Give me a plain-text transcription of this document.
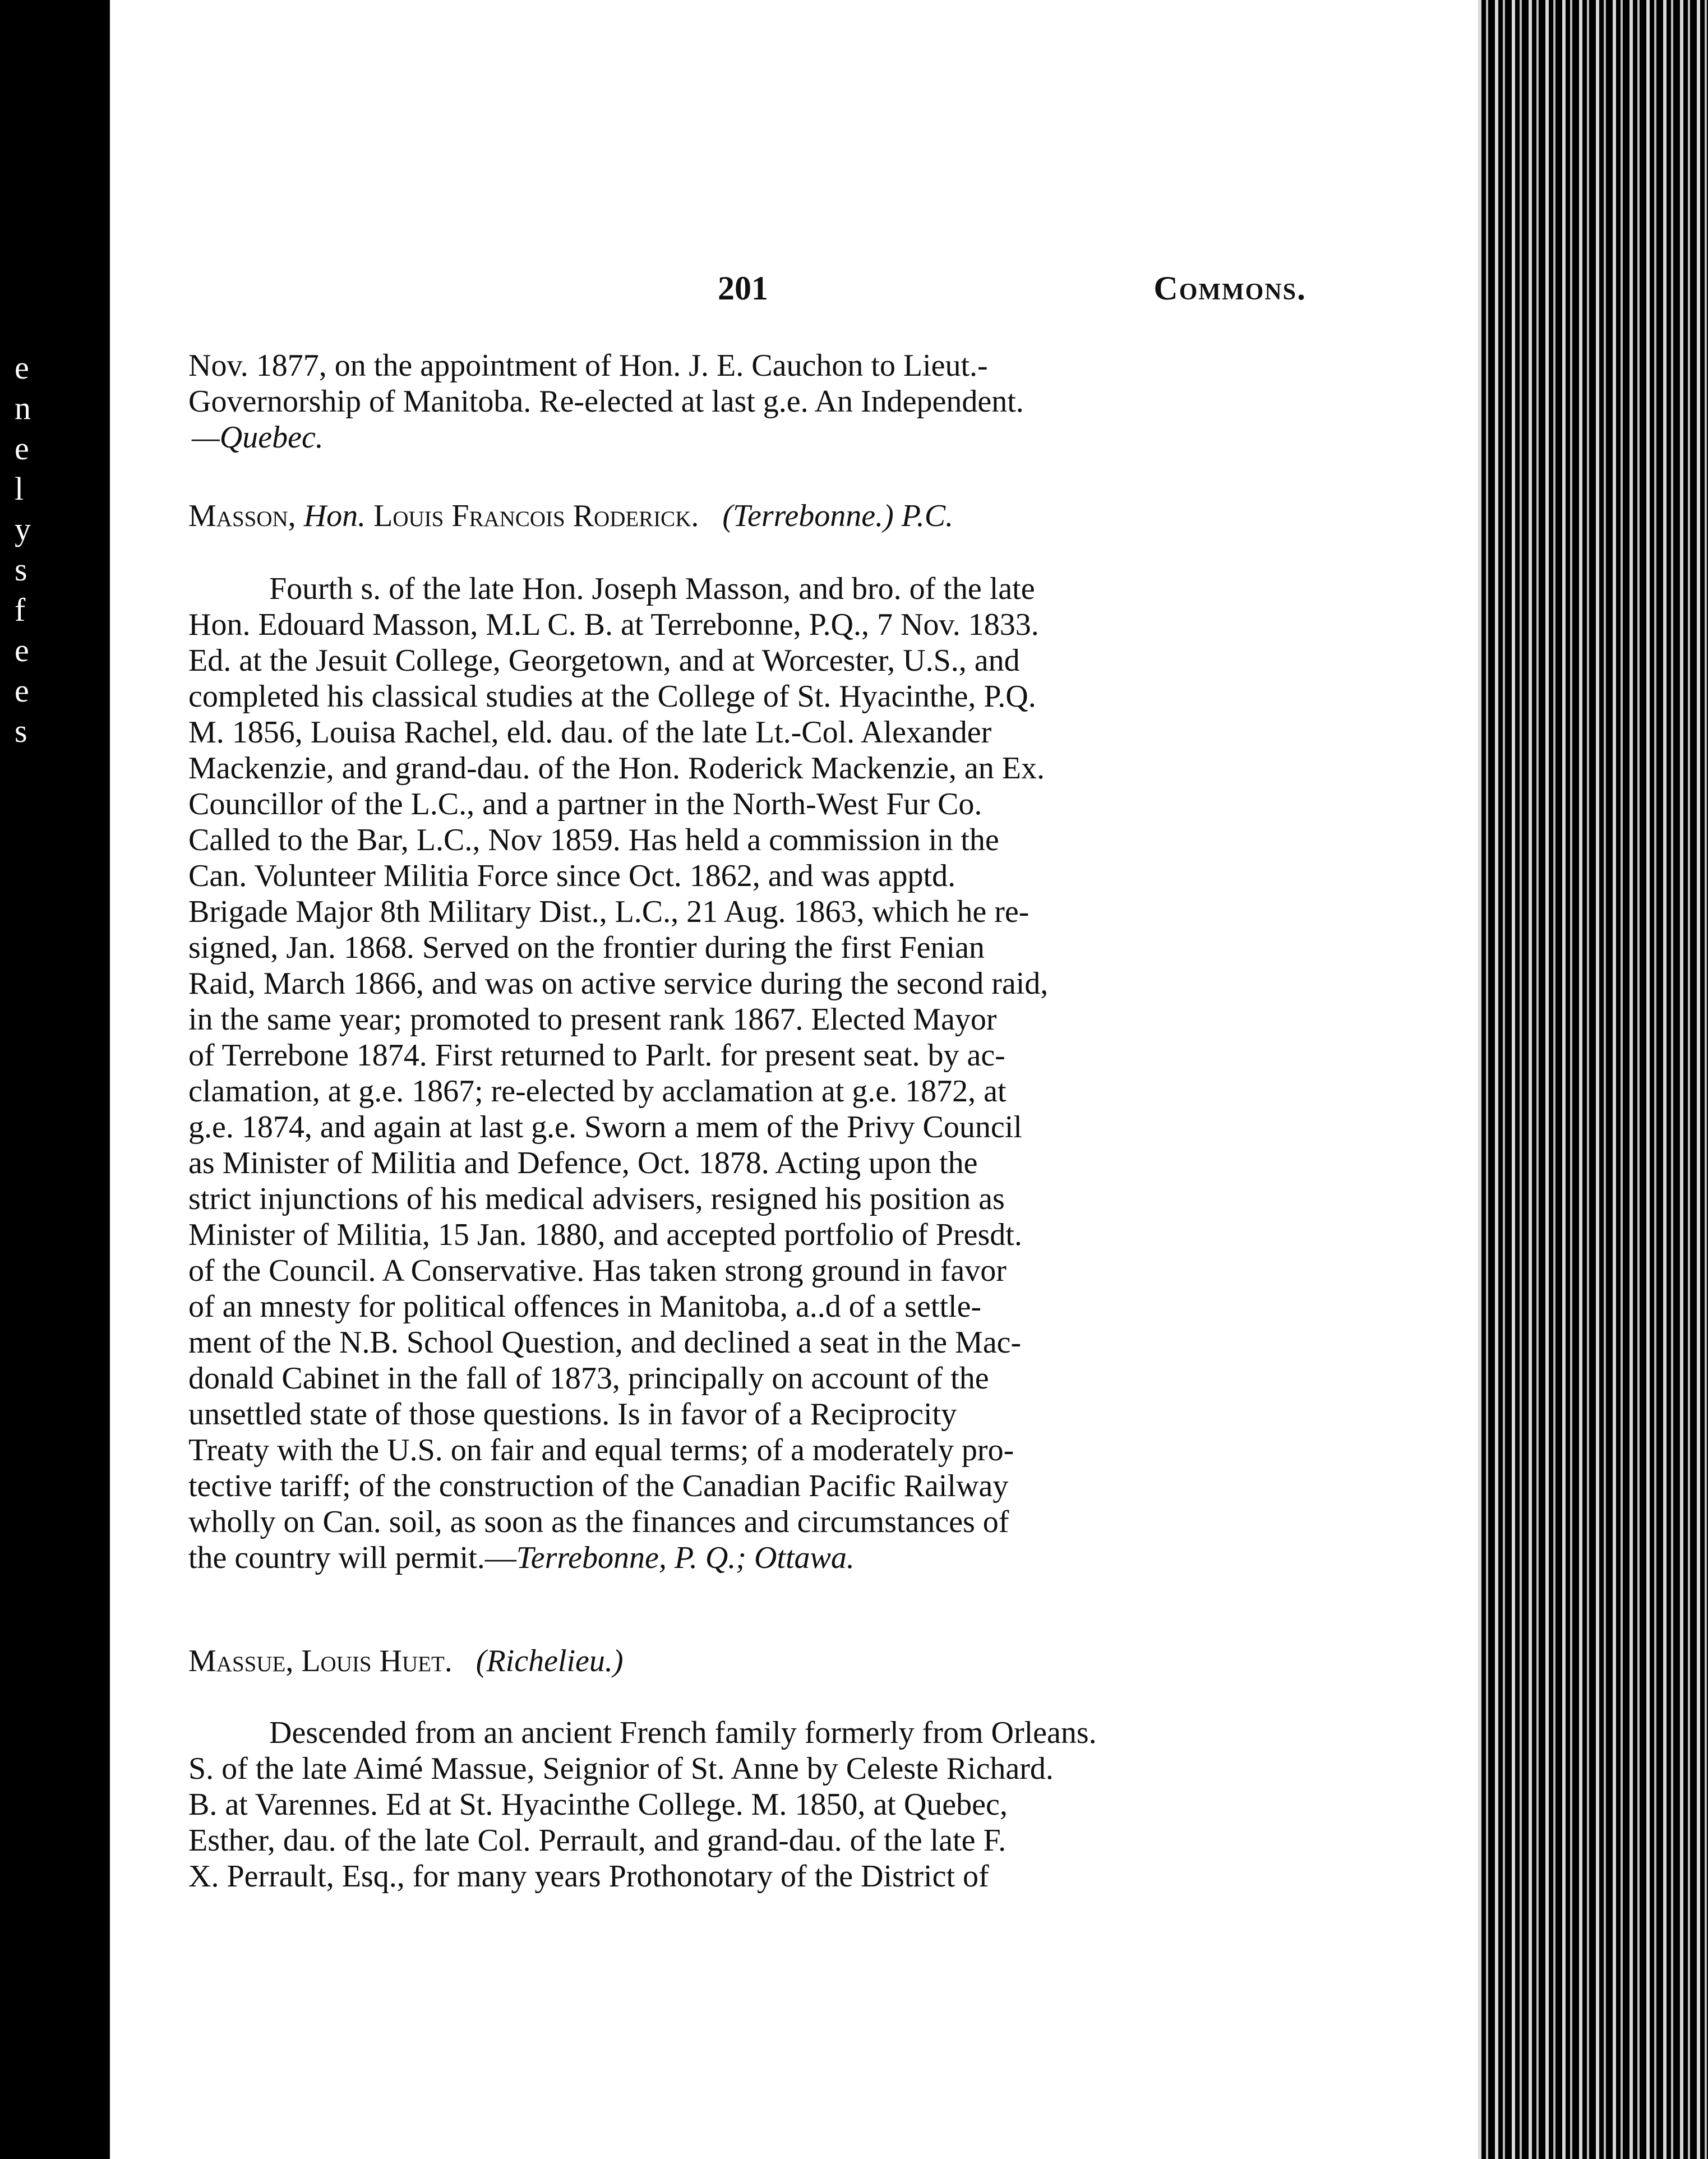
e
n
e
l
y
s
f
e
e
s
201	Commons.
Nov. 1877, on the appointment of Hon. J. E. Cauchon to Lieut.-
Governorship of Manitoba. Re-elected at last g.e. An Independent.
—Quebec.
Masson, Hon. Louis Francois Roderick. (Terrebonne.) P.C.
Fourth s. of the late Hon. Joseph Masson, and bro. of the late
Hon. Edouard Masson, M.L C. B. at Terrebonne, P.Q., 7 Nov. 1833.
Ed. at the Jesuit College, Georgetown, and at Worcester, U.S., and
completed his classical studies at the College of St. Hyacinthe, P.Q.
M. 1856, Louisa Rachel, eld. dau. of the late Lt.-Col. Alexander
Mackenzie, and grand-dau. of the Hon. Roderick Mackenzie, an Ex.
Councillor of the L.C., and a partner in the North-West Fur Co.
Called to the Bar, L.C., Nov 1859. Has held a commission in the
Can. Volunteer Militia Force since Oct. 1862, and was apptd.
Brigade Major 8th Military Dist., L.C., 21 Aug. 1863, which he re-
signed, Jan. 1868. Served on the frontier during the first Fenian
Raid, March 1866, and was on active service during the second raid,
in the same year; promoted to present rank 1867. Elected Mayor
of Terrebone 1874. First returned to Parlt. for present seat. by ac-
clamation, at g.e. 1867; re-elected by acclamation at g.e. 1872, at
g.e. 1874, and again at last g.e. Sworn a mem of the Privy Council
as Minister of Militia and Defence, Oct. 1878. Acting upon the
strict injunctions of his medical advisers, resigned his position as
Minister of Militia, 15 Jan. 1880, and accepted portfolio of Presdt.
of the Council. A Conservative. Has taken strong ground in favor
of an mnesty for political offences in Manitoba, a..d of a settle-
ment of the N.B. School Question, and declined a seat in the Mac-
donald Cabinet in the fall of 1873, principally on account of the
unsettled state of those questions. Is in favor of a Reciprocity
Treaty with the U.S. on fair and equal terms; of a moderately pro-
tective tariff; of the construction of the Canadian Pacific Railway
wholly on Can. soil, as soon as the finances and circumstances of
the country will permit.—Terrebonne, P. Q.; Ottawa.
Massue, Louis Huet. (Richelieu.)
Descended from an ancient French family formerly from Orleans.
S. of the late Aimé Massue, Seignior of St. Anne by Celeste Richard.
B. at Varennes. Ed at St. Hyacinthe College. M. 1850, at Quebec,
Esther, dau. of the late Col. Perrault, and grand-dau. of the late F.
X. Perrault, Esq., for many years Prothonotary of the District of
